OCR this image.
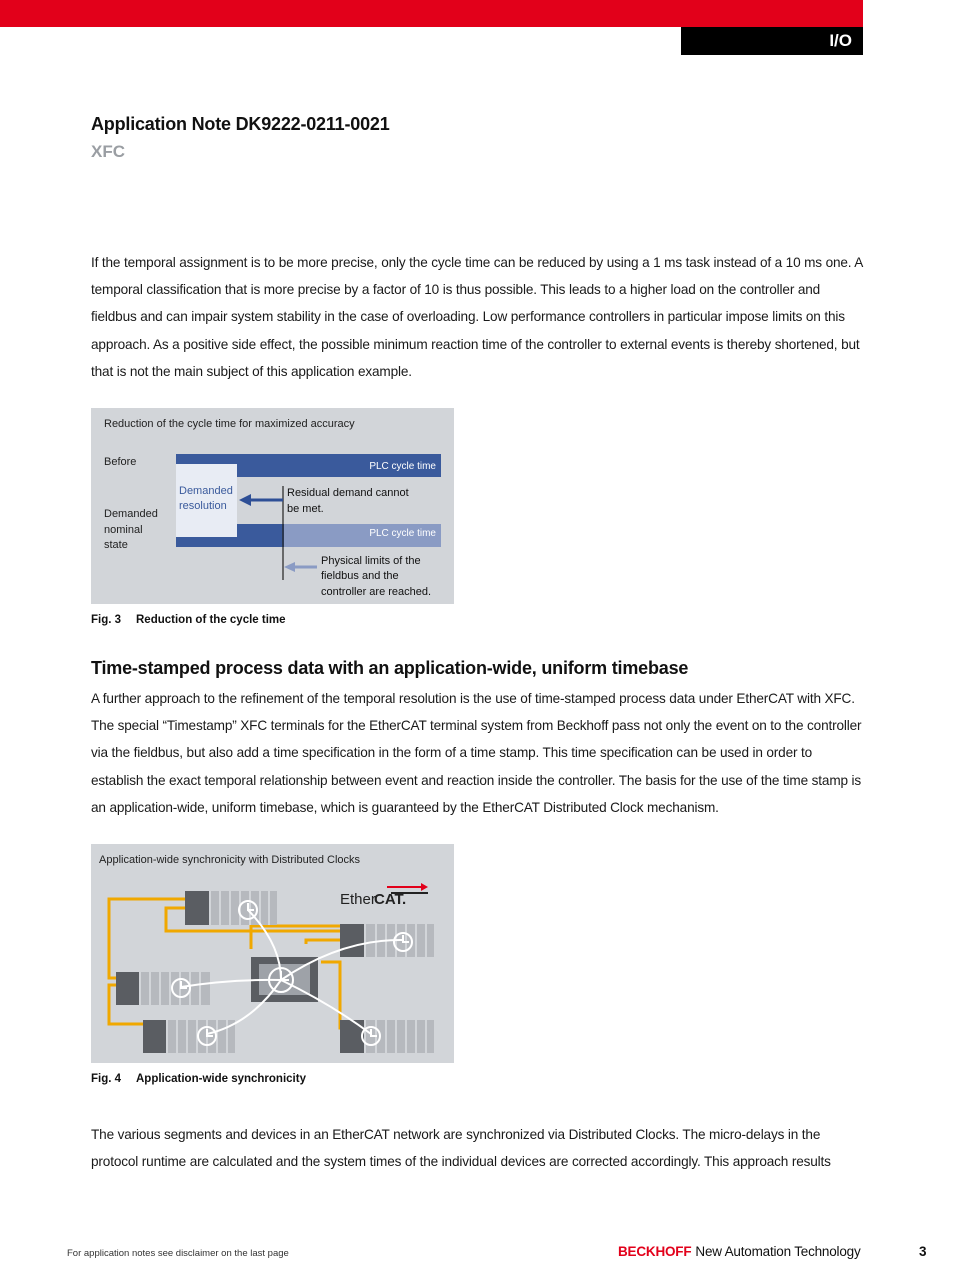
I/O
Application Note DK9222-0211-0021
XFC
If the temporal assignment is to be more precise, only the cycle time can be reduced by using a 1 ms task instead of a 10 ms one. A temporal classification that is more precise by a factor of 10 is thus possible. This leads to a higher load on the controller and fieldbus and can impair system stability in the case of overloading. Low performance controllers in particular impose limits on this approach. As a positive side effect, the possible minimum reaction time of the controller to external events is thereby shortened, but that is not the main subject of this application example.
Reduction of the cycle time for maximized accuracy
Before
Demanded
nominal
state
PLC cycle time
PLC cycle time
Demanded
resolution
Residual demand cannot
be met.
Physical limits of the
fieldbus and the
controller are reached.
Fig. 3 Reduction of the cycle time
Time-stamped process data with an application-wide, uniform timebase
A further approach to the refinement of the temporal resolution is the use of time-stamped process data under EtherCAT with XFC. The special “Timestamp” XFC terminals for the EtherCAT terminal system from Beckhoff pass not only the event on to the controller via the fieldbus, but also add a time specification in the form of a time stamp. This time specification can be used in order to establish the exact temporal relationship between event and reaction inside the controller. The basis for the use of the time stamp is an application-wide, uniform timebase, which is guaranteed by the EtherCAT Distributed Clock mechanism.
Application-wide synchronicity with Distributed Clocks
Ether
CAT.
Fig. 4 Application-wide synchronicity
The various segments and devices in an EtherCAT network are synchronized via Distributed Clocks. The micro-delays in the protocol runtime are calculated and the system times of the individual devices are corrected accordingly. This approach results
For application notes see disclaimer on the last page	BECKHOFF New Automation Technology	3
